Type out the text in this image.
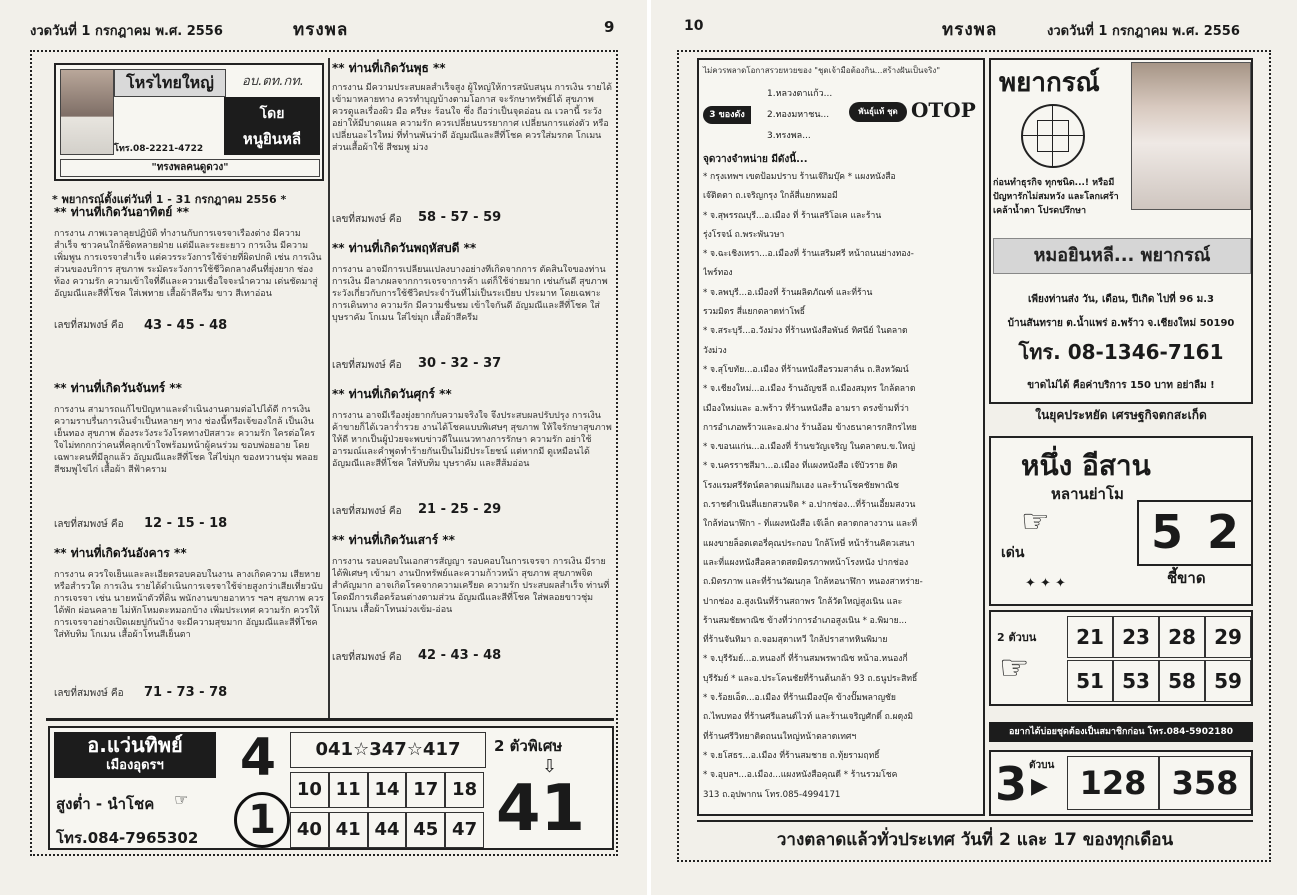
งวดวันที่ 1 กรกฎาคม พ.ศ. 2556	ทรงพล	9
โหรไทยใหญ่	อบ.ตท.กท.
โดย
หนูยินหลี
โทร.08-2221-4722
"ทรงพลคนดูดวง"
* พยากรณ์ตั้งแต่วันที่ 1 - 31 กรกฎาคม 2556 *
** ท่านที่เกิดวันอาทิตย์ **
การงาน ภาพเวลาลุยปฏิบัติ ทำงานกับการเจรจาเรื่องต่าง มีความสำเร็จ ชาวคนใกล้ชิดหลายฝ่าย แต่มีและระยะยาว การเงิน มีความเพิ่มพูน การเจรจาสำเร็จ แต่ควรระวังการใช้จ่ายที่ผิดปกติ เช่น การเงินส่วนของบริการ สุขภาพ ระมัดระวังการใช้ชีวิตกลางคืนที่ยุ่งยาก ช่องท้อง ความรัก ความเข้าใจที่ดีและความเชื่อใจจะนำความ เด่นชัดมาสู่ อัญมณีและสีที่โชค ใส่เพทาย เสื้อผ้าสีครีม ขาว สีเทาอ่อน
เลขที่สมพงษ์ คือ 43 - 45 - 48
** ท่านที่เกิดวันจันทร์ **
การงาน สามารถแก้ไขปัญหาและดำเนินงานตามต่อไปได้ดี การเงิน ความราบรื่นการเงินจำเป็นหลายๆ ทาง ช่องนี้หรือเจ้ของใกล้ เป็นเงินเย็นทอง สุขภาพ ต้องระวังระวังโรคทางปัสสาวะ ความรัก ใครต่อใครใจไม่ทกกกว่าคนที่คลุกเข้าใจพร้อมหน้าผู้คนร่วม ขอบพ่อยอาย โดยเฉพาะคนที่มีลูกแล้ว อัญมณีและสีที่โชค ใส่ไข่มุก ของหวานชุ่ม พลอยสีชมพูไข่ไก่ เสื้อผ้า สีฟ้าคราม
เลขที่สมพงษ์ คือ 12 - 15 - 18
** ท่านที่เกิดวันอังคาร **
การงาน ควรใจเย็นและละเอียดรอบคอบในงาน ลางเกิดความ เสียหายหรือสำรวใด การเงิน รายได้ดำเนินการเจรจาใช้จ่ายสูงกว่าเสียเที่ยวนับ การเจรจา เช่น นายหน้าตัวที่ดิน พนักงานขายอาหาร ฯลฯ สุขภาพ ควรได้พัก ผ่อนคลาย ไม่หักโหมตะหมอกบ้าง เพิ่มประเทศ ความรัก ควรให้ การเจรจาอย่างเปิดเผยปูกันบ้าง จะมีความสุขมาก อัญมณีและสีที่โชค ใส่ทับทิม โกเมน เสื้อผ้าโทนสีเย็นตา
เลขที่สมพงษ์ คือ 71 - 73 - 78
** ท่านที่เกิดวันพุธ **
การงาน มีความประสบผลสำเร็จสูง ผู้ใหญ่ให้การสนับสนุน การเงิน รายได้เข้ามาหลายทาง ควรทำบุญบ้างตามโอกาส จะรักษาทรัพย์ได้ สุขภาพ ควรดูแลเรื่องผิว มือ ครีษะ ร้อนใจ ซึ่ง ถือว่าเป็นจุดอ่อน ณ เวลานี้ ระวังอย่าให้มีบาดแผล ความรัก ควรเปลี่ยนบรรยากาศ เปลี่ยนการแต่งตัว หรือเปลี่ยนอะไรใหม่ ที่ทำนพันว่าดี อัญมณีและสีที่โชค ควรใส่มรกต โกเมน ส่วนเสื้อผ้าใช้ สีชมพู ม่วง
เลขที่สมพงษ์ คือ 58 - 57 - 59
** ท่านที่เกิดวันพฤหัสบดี **
การงาน อาจมีการเปลี่ยนแปลงบางอย่างที่เกิดจากการ ตัดสินใจของท่าน การเงิน มีลาภผลจากการเจรจาการค้า แต่ก็ใช้จ่ายมาก เช่นกันดี สุขภาพ ระวังเกี่ยวกับการใช้ชีวิตประจำวันที่ไม่เป็นระเบียบ ประมาท โดยเฉพาะการเดินทาง ความรัก มีความชื่นชม เข้าใจกันดี อัญมณีและสีที่โชค ใส่บุษราคัม โกเมน ใส่ไข่มุก เสื้อผ้าสีครีม
เลขที่สมพงษ์ คือ 30 - 32 - 37
** ท่านที่เกิดวันศุกร์ **
การงาน อาจมีเรื่องยุ่งยากกับความจริงใจ จึงประสบผลปรับปรุง การเงิน ค้าขายก็ได้เวลาร่ำรวย งานได้โชคแบบพิเศษๆ สุขภาพ ให้ใจรักษาสุขภาพให้ดี หากเป็นผู้ป่วยจะพบข่าวดีในแนวทางการรักษา ความรัก อย่าใช้อารมณ์และคำพูดทำร้ายกันเป็นไม่มีประโยชน์ แต่หากมี ดูเหมือนได้ อัญมณีและสีที่โชค ใส่ทับทิม บุษราคัม และสีส้มอ่อน
เลขที่สมพงษ์ คือ 21 - 25 - 29
** ท่านที่เกิดวันเสาร์ **
การงาน รอบคอบในเอกสารสัญญา รอบคอบในการเจรจา การเงิน มีรายได้พิเศษๆ เข้ามา งานปักทรัพย์และความก้าวหน้า สุขภาพ สุขภาพจิตสำคัญมาก อาจเกิดโรคจากความเครียด ความรัก ประสบผลสำเร็จ ท่านที่โดดมีการเดือดร้อนต่างตามส่วน อัญมณีและสีที่โชค ใส่พลอยขาวชุ่ม โกเมน เสื้อผ้าโทนม่วงเข้ม-อ่อน
เลขที่สมพงษ์ คือ 42 - 43 - 48
อ.แว่นทิพย์
เมืองอุดรฯ
สูงต่ำ - นำโชค ☞
โทร.084-7965302
4
1
041☆347☆417
10 11 14 17 18
40 41 44 45 47
2 ตัวพิเศษ
⇩
41
10	ทรงพล	งวดวันที่ 1 กรกฎาคม พ.ศ. 2556
ไม่ควรพลาดโอกาสรวยหวยของ "ชุดเจ้ามือต้องกิน...สร้างฝันเป็นจริง"
3 ของดัง
1.หลวงตาแก้ว...
2.ทองมหาชน...
3.ทรงพล...
พันธุ์แท้ ชุด OTOP
จุดวางจำหน่าย มีดังนี้...
* กรุงเทพฯ เขตป้อมปราบ ร้านเจ๊กิมบุ๊ค * แผงหนังสือ
เจ๊ติดตา ถ.เจริญกรุง ใกล้สี่แยกหมอมี
* จ.สุพรรณบุรี...อ.เมือง ที่ ร้านเสริโอเค และร้าน
รุ่งโรจน์ ถ.พระพันวษา
* จ.ฉะเชิงเทรา...อ.เมืองที่ ร้านเสริมศรี หน้าถนนย่างทอง-
ไพร์ทอง
* จ.ลพบุรี...อ.เมืองที่ ร้านผลิตภัณฑ์ และที่ร้าน
รวมมิตร สี่แยกตลาดท่าโพธิ์
* จ.สระบุรี...อ.วังม่วง ที่ร้านหนังสือพันธ์ ทิศนีย์ ในตลาด
วังม่วง
* จ.สุโขทัย...อ.เมือง ที่ร้านหนังสือรวมสาส์น ถ.สิงหวัฒน์
* จ.เชียงใหม่...อ.เมือง ร้านอัญชลี ถ.เมืองสมุทร ใกล้ตลาด
เมืองใหม่และ อ.พร้าว ที่ร้านหนังสือ อามรา ตรงข้ามที่ว่า
การอำเภอพร้าวและอ.ฝาง ร้านอ้อม ข้างธนาคารกสิกรไทย
* จ.ขอนแก่น...อ.เมืองที่ ร้านขวัญเจริญ ในตลาดบ.ข.ใหญ่
* จ.นครราชสีมา...อ.เมือง ที่แผงหนังสือ เจ๊บัวราย ติด
โรงแรมศรีรัตน์ตลาดแม่กิมเฮง และร้านโชคชัยพาณิช
ถ.ราชดำเนินสี่แยกสวนจิต * อ.ปากช่อง...ที่ร้านเอี้ยมสงวน
ใกล้ท่อนาฬิกา - ที่แผงหนังสือ เจ๊เล็ก ตลาดกลางวาน และที่
แผงขายล็อตเตอรี่คุณประกอบ ใกล้โทษี่ หน้าร้านคิดวเสนา
และที่แผงหนังสือคลาดสดมิตรภาพหน้าโรงหนัง ปากช่อง
ถ.มิตรภาพ และที่ร้านวัฒนกุล ใกล้หอนาฬิกา หนองสาหร่าย-
ปากช่อง อ.สูงเนินที่ร้านสถาพร ใกล้วัดใหญ่สูงเนิน และ
ร้านสมชัยพาณิช ข้างที่ว่าการอำเภอสูงเนิน * อ.พิมาย...
ที่ร้านจันทิมา ถ.จอมสุดาเทวี ใกล้ปราสาทหินพิมาย
* จ.บุรีรัมย์...อ.หนองกี่ ที่ร้านสมพรพาณิช หน้าอ.หนองกี่
บุรีรัมย์ * และอ.ประโคนชัยที่ร้านต้นกล้า 93 ถ.ธนูประสิทธิ์
* จ.ร้อยเอ็ด...อ.เมือง ที่ร้านเมืองบุ๊ค ข้างปั๊มพลาญชัย
ถ.ไพบทอง ที่ร้านศรีแลนด์ไวท์ และร้านเจริญศักดิ์ ถ.ผดุงมิ
ที่ร้านศรีวิทยาติดถนนใหญ่หน้าตลาดเทศฯ
* จ.ยโสธร...อ.เมือง ที่ร้านสมชาย ถ.ทุ้ยรามฤทธิ์
* จ.อุบลฯ...อ.เมือง...แผงหนังสือคุณดี * ร้านรวมโชค
313 ถ.อุปพากน โทร.085-4994171
พยากรณ์
ก่อนทำธุรกิจ ทุกชนิด...! หรือมีปัญหารักไม่สมหวัง และโลกเศร้า เคล้าน้ำตา โปรดปรึกษา
หมอยินหลี... พยากรณ์
เพียงท่านส่ง วัน, เดือน, ปีเกิด ไปที่ 96 ม.3
บ้านสันทราย ต.น้ำแพร่ อ.พร้าว จ.เชียงใหม่ 50190
โทร. 08-1346-7161
ขาดไม่ได้ คือค่าบริการ 150 บาท อย่าลืม !
ในยุคประหยัด เศรษฐกิจตกสะเก็ด
หนึ่ง อีสาน
หลานย่าโม
☞
เด่น	5 2
ชี้ขาด
✦ ✦ ✦
2 ตัวบน
☞
21 23 28 29
51 53 58 59
อยากได้บ่อยชุดต้องเป็นสมาชิกก่อน โทร.084-5902180
3 ตัวบน
▶ 128 358
วางตลาดแล้วทั่วประเทศ วันที่ 2 และ 17 ของทุกเดือน
